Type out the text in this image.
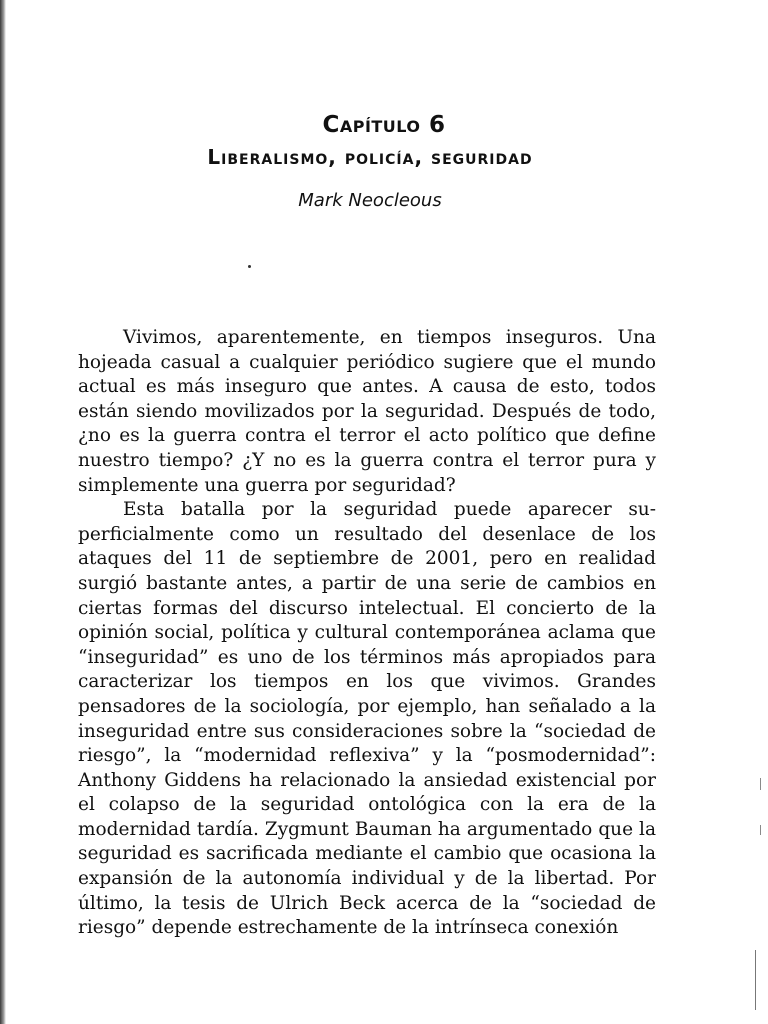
Capítulo 6
Liberalismo, policía, seguridad
Mark Neocleous

Vivimos, aparentemente, en tiempos inseguros. Una hojeada casual a cualquier periódico sugiere que el mundo actual es más inseguro que antes. A causa de esto, todos están siendo movilizados por la seguridad. Después de todo, ¿no es la guerra contra el terror el acto político que define nuestro tiempo? ¿Y no es la guerra contra el terror pura y simplemente una guerra por seguridad?

Esta batalla por la seguridad puede aparecer superficialmente como un resultado del desenlace de los ataques del 11 de septiembre de 2001, pero en realidad surgió bastante antes, a partir de una serie de cambios en ciertas formas del discurso intelectual. El concierto de la opinión social, política y cultural contemporánea aclama que “inseguridad” es uno de los términos más apropiados para caracterizar los tiempos en los que vivimos. Grandes pensadores de la sociología, por ejemplo, han señalado a la inseguridad entre sus consideraciones sobre la “sociedad de riesgo”, la “modernidad reflexiva” y la “posmodernidad”: Anthony Giddens ha relacionado la ansiedad existencial por el colapso de la seguridad ontológica con la era de la modernidad tardía. Zygmunt Bauman ha argumentado que la seguridad es sacrificada mediante el cambio que ocasiona la expansión de la autonomía individual y de la libertad. Por último, la tesis de Ulrich Beck acerca de la “sociedad de riesgo” depende estrechamente de la intrínseca conexión
